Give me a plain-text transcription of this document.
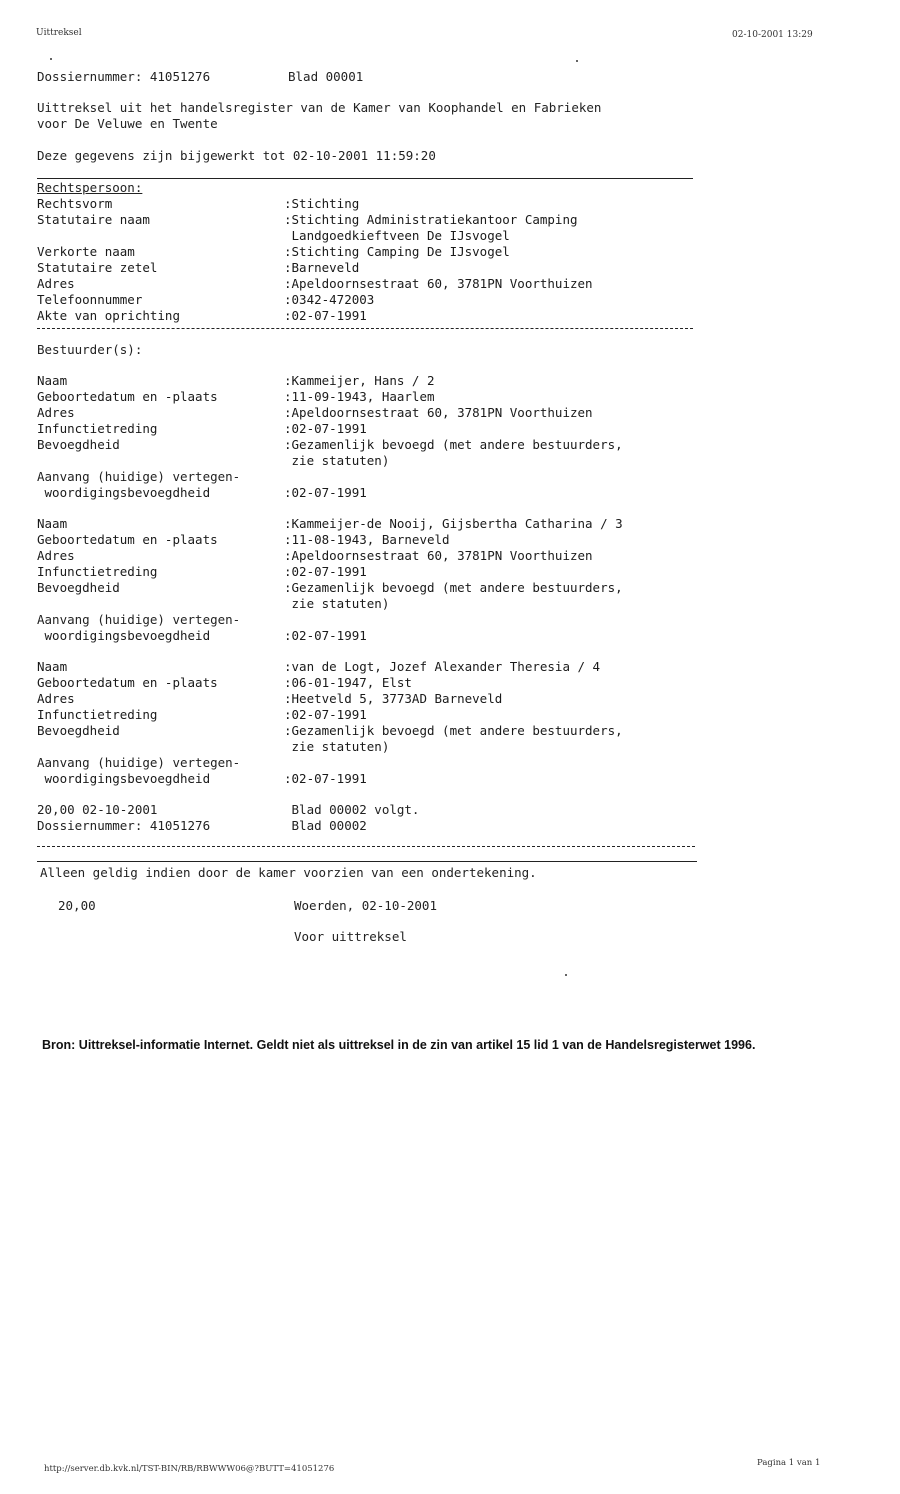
Uittreksel	02-10-2001 13:29
Dossiernummer: 41051276	Blad 00001
Uittreksel uit het handelsregister van de Kamer van Koophandel en Fabrieken
voor De Veluwe en Twente
Deze gegevens zijn bijgewerkt tot 02-10-2001 11:59:20
Rechtspersoon:
Rechtsvorm	:Stichting
Statutaire naam	:Stichting Administratiekantoor Camping
Landgoedkieftveen De IJsvogel
Verkorte naam	:Stichting Camping De IJsvogel
Statutaire zetel	:Barneveld
Adres	:Apeldoornsestraat 60, 3781PN Voorthuizen
Telefoonnummer	:0342-472003
Akte van oprichting	:02-07-1991
Bestuurder(s):
Naam	:Kammeijer, Hans / 2
Geboortedatum en -plaats	:11-09-1943, Haarlem
Adres	:Apeldoornsestraat 60, 3781PN Voorthuizen
Infunctietreding	:02-07-1991
Bevoegdheid	:Gezamenlijk bevoegd (met andere bestuurders,
zie statuten)
Aanvang (huidige) vertegen-
woordigingsbevoegdheid	:02-07-1991
Naam	:Kammeijer-de Nooij, Gijsbertha Catharina / 3
Geboortedatum en -plaats	:11-08-1943, Barneveld
Adres	:Apeldoornsestraat 60, 3781PN Voorthuizen
Infunctietreding	:02-07-1991
Bevoegdheid	:Gezamenlijk bevoegd (met andere bestuurders,
zie statuten)
Aanvang (huidige) vertegen-
woordigingsbevoegdheid	:02-07-1991
Naam	:van de Logt, Jozef Alexander Theresia / 4
Geboortedatum en -plaats	:06-01-1947, Elst
Adres	:Heetveld 5, 3773AD Barneveld
Infunctietreding	:02-07-1991
Bevoegdheid	:Gezamenlijk bevoegd (met andere bestuurders,
zie statuten)
Aanvang (huidige) vertegen-
woordigingsbevoegdheid	:02-07-1991
20,00 02-10-2001	Blad 00002 volgt.
Dossiernummer: 41051276	Blad 00002
Alleen geldig indien door de kamer voorzien van een ondertekening.
20,00	Woerden, 02-10-2001
Voor uittreksel
Bron: Uittreksel-informatie Internet. Geldt niet als uittreksel in de zin van artikel 15 lid 1 van de Handelsregisterwet 1996.
http://server.db.kvk.nl/TST-BIN/RB/RBWWW06@?BUTT=41051276
Pagina 1 van 1
